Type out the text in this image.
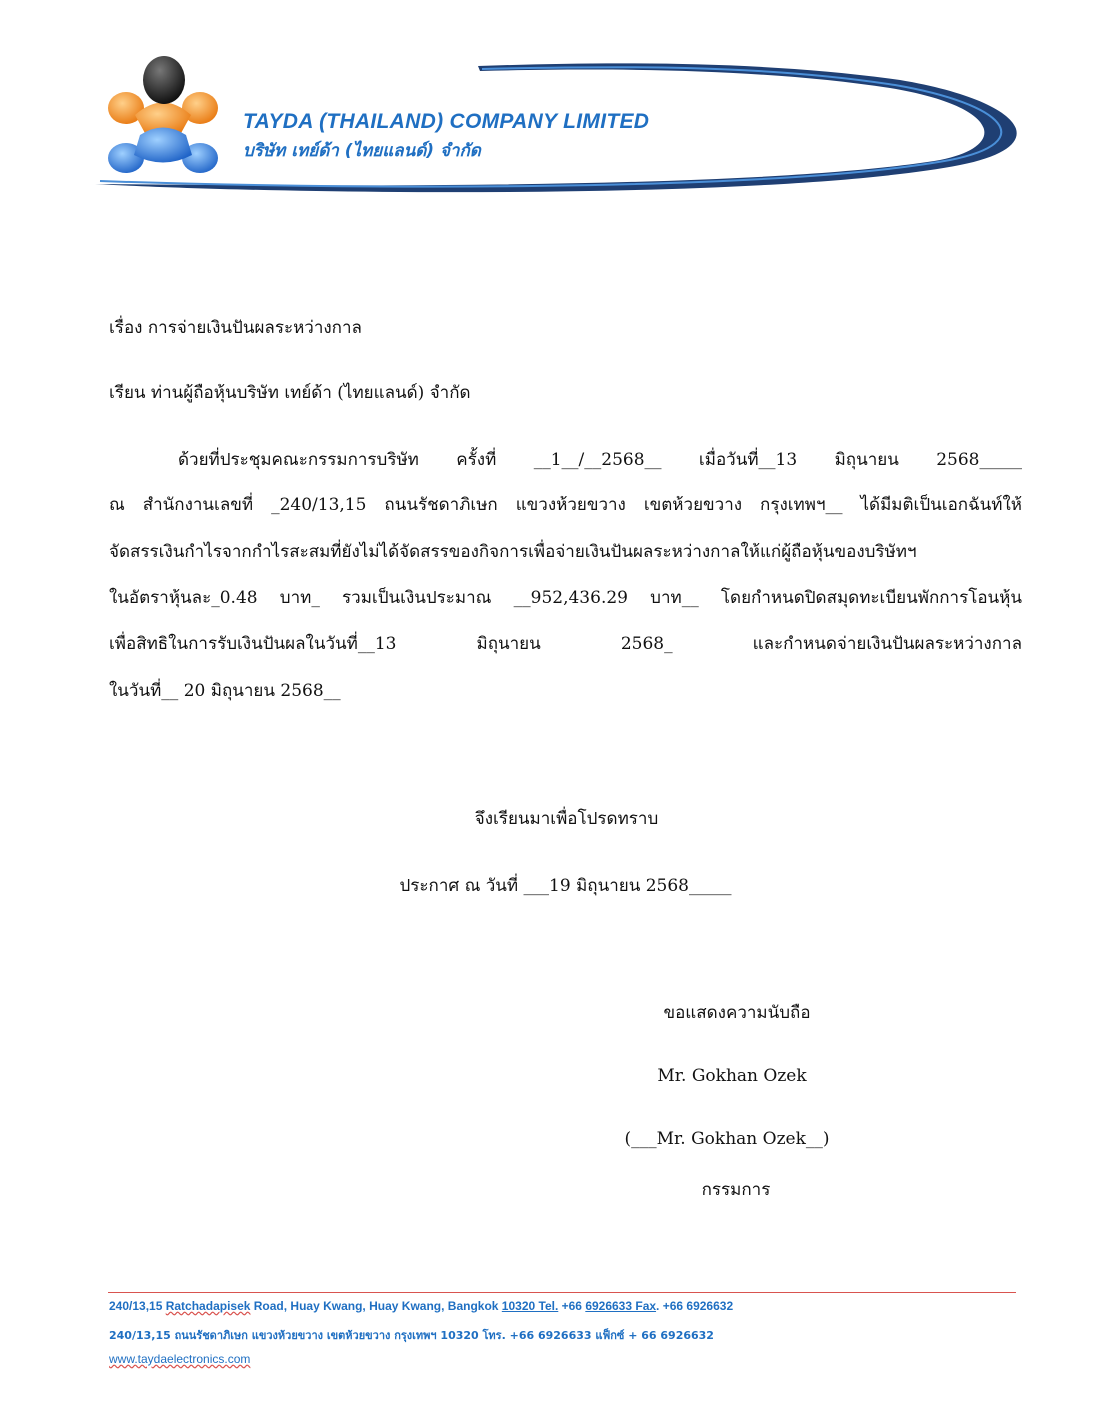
TAYDA (THAILAND) COMPANY LIMITED
บริษัท เทย์ด้า (ไทยแลนด์) จำกัด
เรื่อง การจ่ายเงินปันผลระหว่างกาล
เรียน ท่านผู้ถือหุ้นบริษัท เทย์ด้า (ไทยแลนด์) จำกัด
ด้วยที่ประชุมคณะกรรมการบริษัท ครั้งที่ __1__/__2568__ เมื่อวันที่__13 มิถุนายน 2568_____
ณ สำนักงานเลขที่ _240/13,15 ถนนรัชดาภิเษก แขวงห้วยขวาง เขตห้วยขวาง กรุงเทพฯ__ ได้มีมติเป็นเอกฉันท์ให้
จัดสรรเงินกำไรจากกำไรสะสมที่ยังไม่ได้จัดสรรของกิจการเพื่อจ่ายเงินปันผลระหว่างกาลให้แก่ผู้ถือหุ้นของบริษัทฯ
ในอัตราหุ้นละ_0.48 บาท_ รวมเป็นเงินประมาณ __952,436.29 บาท__ โดยกำหนดปิดสมุดทะเบียนพักการโอนหุ้น
เพื่อสิทธิในการรับเงินปันผลในวันที่__13 มิถุนายน 2568_ และกำหนดจ่ายเงินปันผลระหว่างกาล
ในวันที่__ 20 มิถุนายน 2568__
จึงเรียนมาเพื่อโปรดทราบ
ประกาศ ณ วันที่ ___19 มิถุนายน 2568_____
ขอแสดงความนับถือ
Mr. Gokhan Ozek
(___Mr. Gokhan Ozek__)
กรรมการ
240/13,15 Ratchadapisek Road, Huay Kwang, Huay Kwang, Bangkok 10320 Tel. +66 6926633 Fax. +66 6926632
240/13,15 ถนนรัชดาภิเษก แขวงห้วยขวาง เขตห้วยขวาง กรุงเทพฯ 10320 โทร. +66 6926633 แฟ็กซ์ + 66 6926632
www.taydaelectronics.com
